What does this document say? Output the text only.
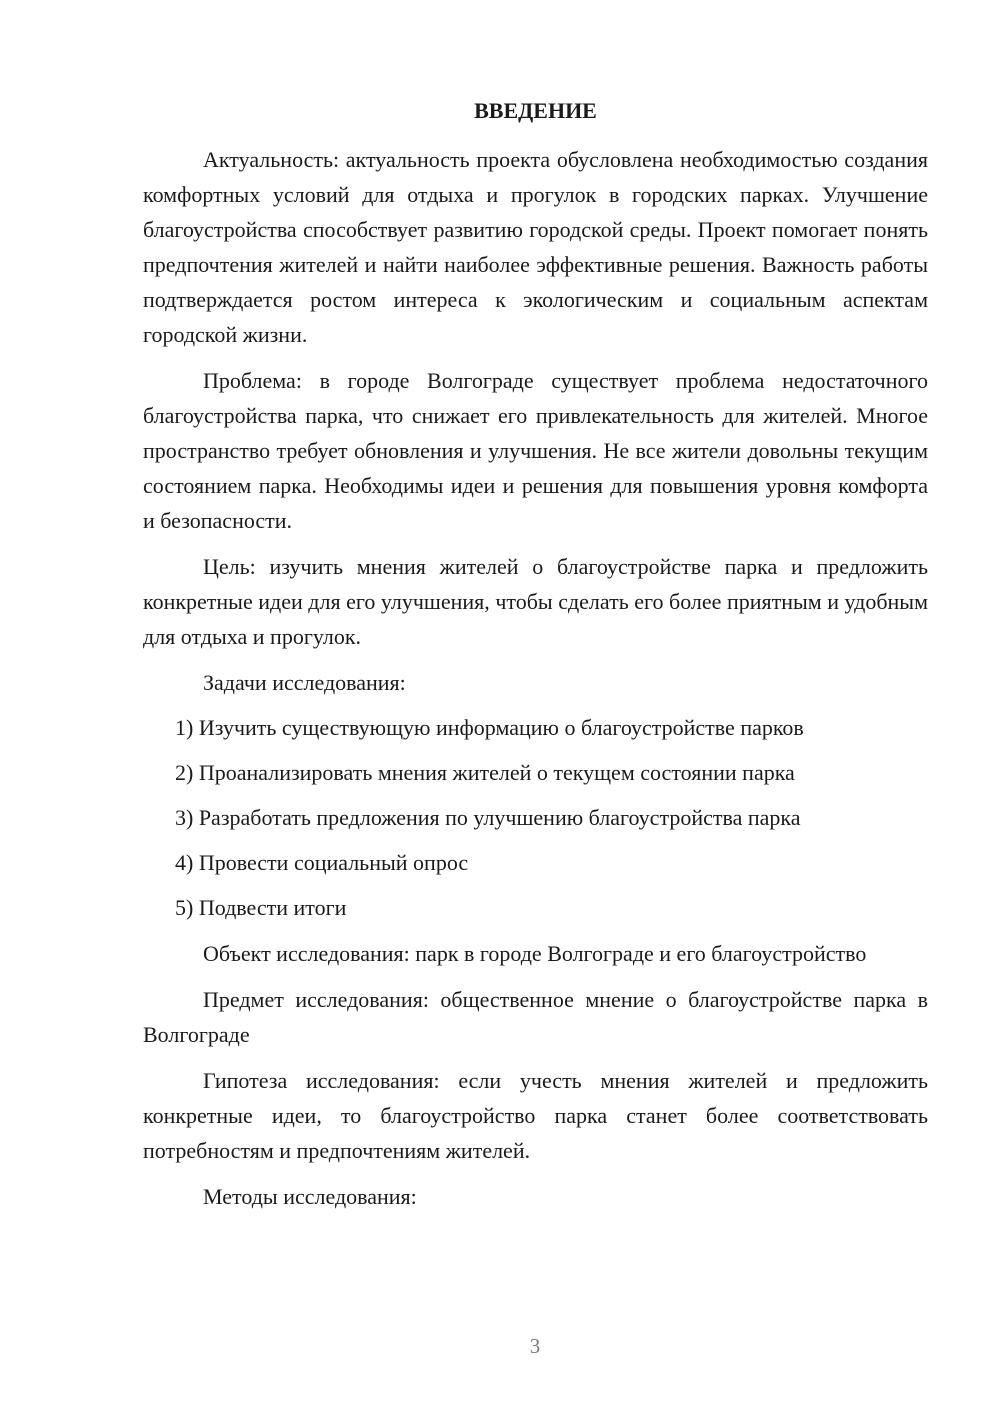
ВВЕДЕНИЕ

Актуальность: актуальность проекта обусловлена необходимостью создания комфортных условий для отдыха и прогулок в городских парках. Улучшение благоустройства способствует развитию городской среды. Проект помогает понять предпочтения жителей и найти наиболее эффективные решения. Важность работы подтверждается ростом интереса к экологическим и социальным аспектам городской жизни.

Проблема: в городе Волгограде существует проблема недостаточного благоустройства парка, что снижает его привлекательность для жителей. Многое пространство требует обновления и улучшения. Не все жители довольны текущим состоянием парка. Необходимы идеи и решения для повышения уровня комфорта и безопасности.

Цель: изучить мнения жителей о благоустройстве парка и предложить конкретные идеи для его улучшения, чтобы сделать его более приятным и удобным для отдыха и прогулок.

Задачи исследования:

1) Изучить существующую информацию о благоустройстве парков

2) Проанализировать мнения жителей о текущем состоянии парка

3) Разработать предложения по улучшению благоустройства парка

4) Провести социальный опрос

5) Подвести итоги

Объект исследования: парк в городе Волгограде и его благоустройство

Предмет исследования: общественное мнение о благоустройстве парка в Волгограде

Гипотеза исследования: если учесть мнения жителей и предложить конкретные идеи, то благоустройство парка станет более соответствовать потребностям и предпочтениям жителей.

Методы исследования:

3
